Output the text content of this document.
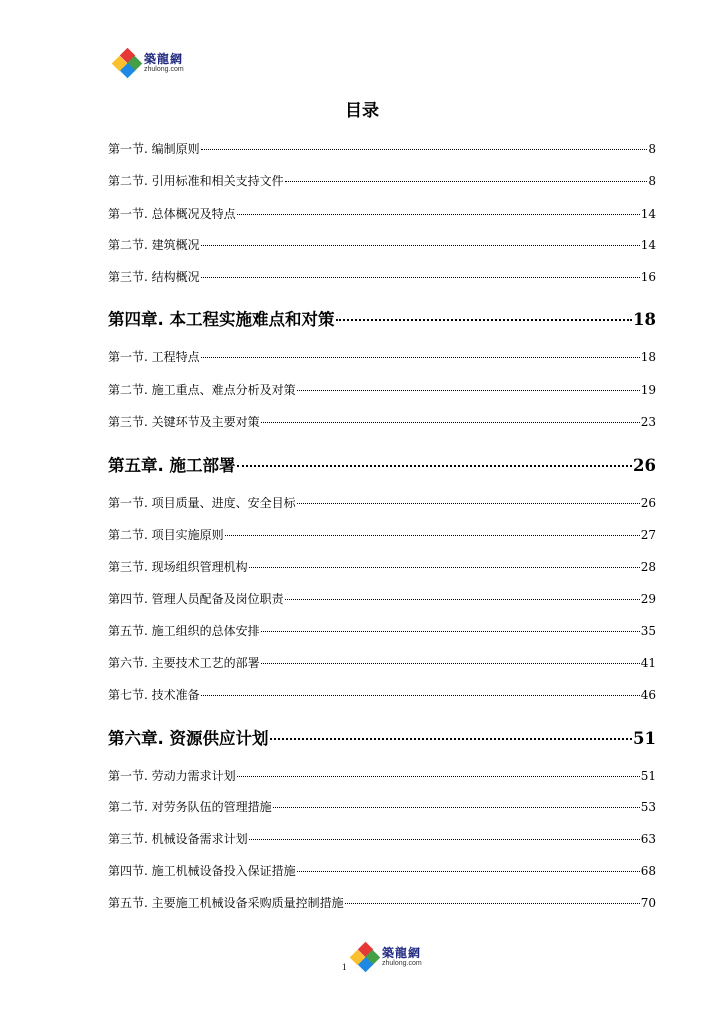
築龍網
zhulong.com
目录
第一节. 编制原则	8
第二节. 引用标准和相关支持文件	8
第一节. 总体概况及特点	14
第二节. 建筑概况	14
第三节. 结构概况	16
第四章. 本工程实施难点和对策	18
第一节. 工程特点	18
第二节. 施工重点、难点分析及对策	19
第三节. 关键环节及主要对策	23
第五章. 施工部署	26
第一节. 项目质量、进度、安全目标	26
第二节. 项目实施原则	27
第三节. 现场组织管理机构	28
第四节. 管理人员配备及岗位职责	29
第五节. 施工组织的总体安排	35
第六节. 主要技术工艺的部署	41
第七节. 技术准备	46
第六章. 资源供应计划	51
第一节. 劳动力需求计划	51
第二节. 对劳务队伍的管理措施	53
第三节. 机械设备需求计划	63
第四节. 施工机械设备投入保证措施	68
第五节. 主要施工机械设备采购质量控制措施	70
1
築龍網
zhulong.com
